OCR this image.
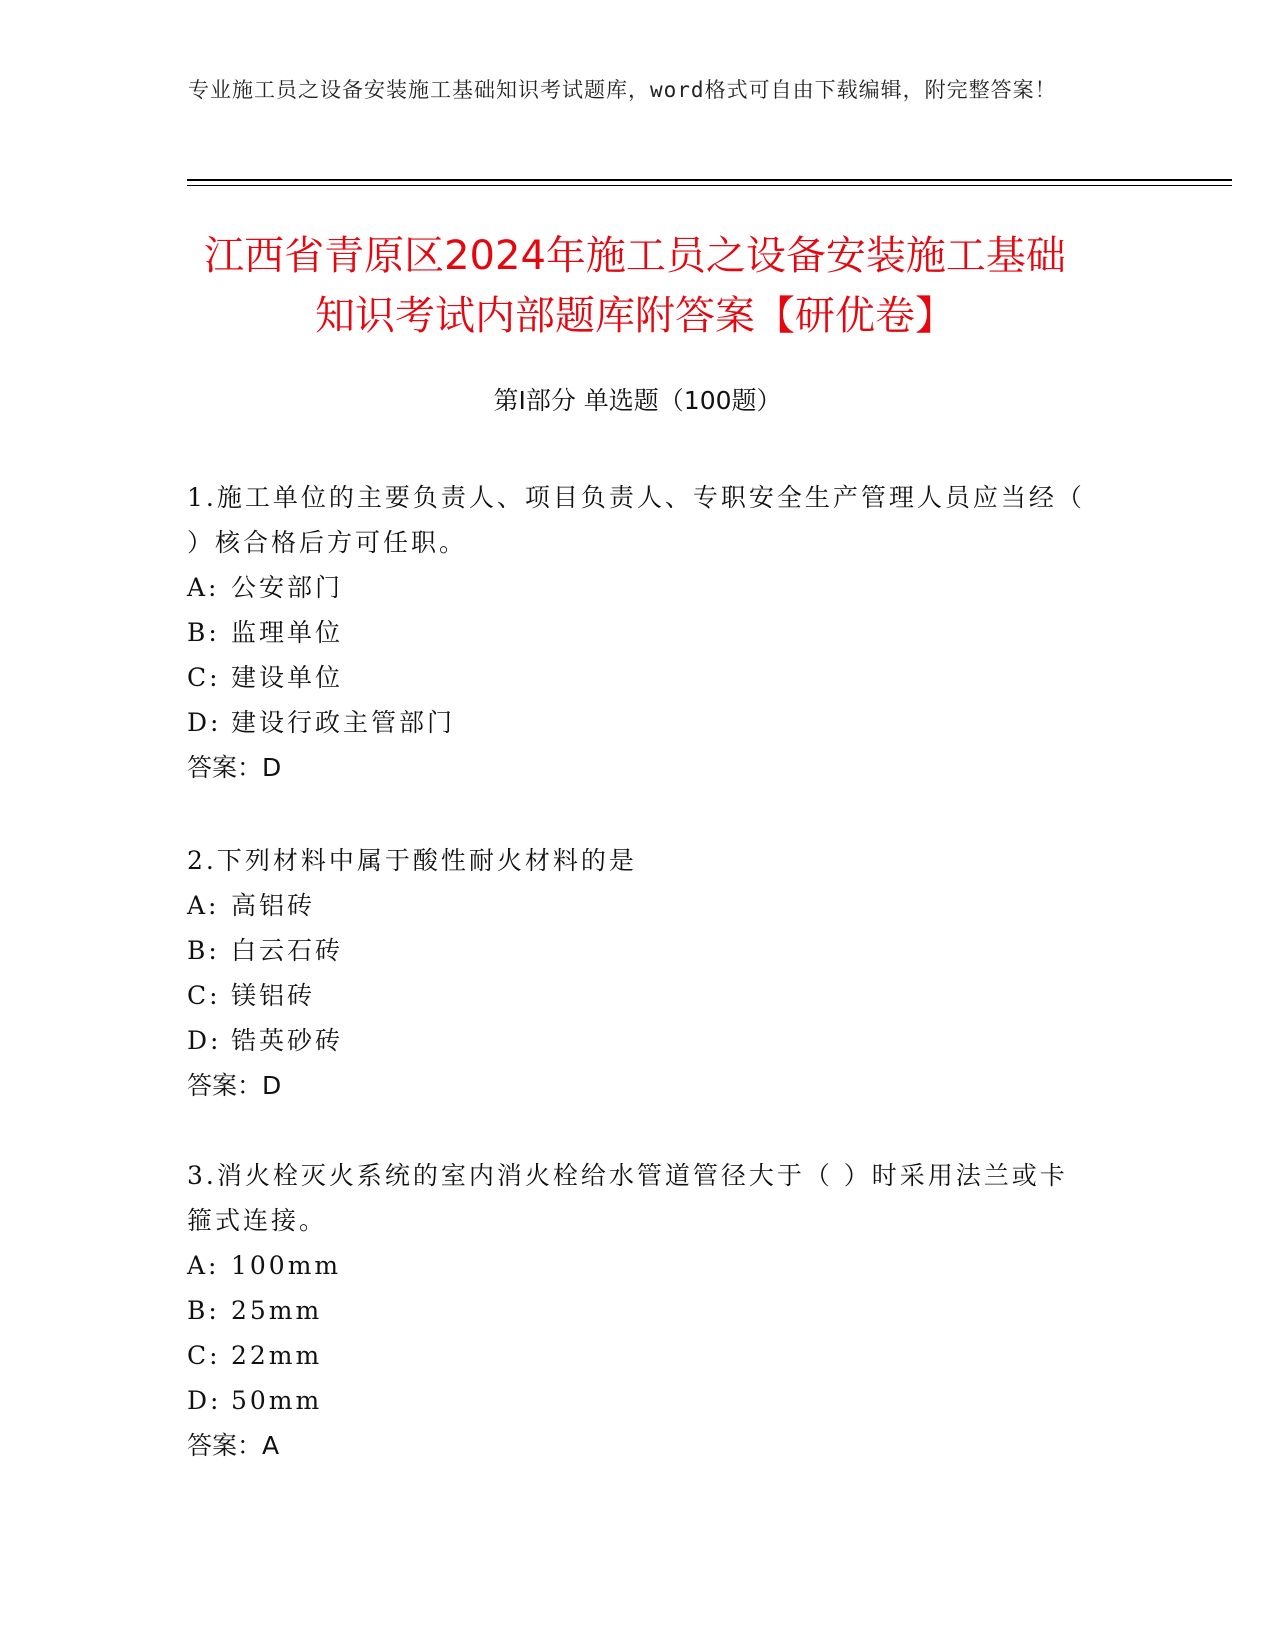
专业施工员之设备安装施工基础知识考试题库，word格式可自由下载编辑，附完整答案！
江西省青原区2024年施工员之设备安装施工基础知识考试内部题库附答案【研优卷】
第Ⅰ部分 单选题（100题）

1.施工单位的主要负责人、项目负责人、专职安全生产管理人员应当经（ ）核合格后方可任职。

A: 公安部门

B: 监理单位

C: 建设单位

D: 建设行政主管部门

答案：D

2.下列材料中属于酸性耐火材料的是

A: 高铝砖

B: 白云石砖

C: 镁铝砖

D: 锆英砂砖

答案：D

3.消火栓灭火系统的室内消火栓给水管道管径大于（ ）时采用法兰或卡箍式连接。

A: 100mm

B: 25mm

C: 22mm

D: 50mm

答案：A
